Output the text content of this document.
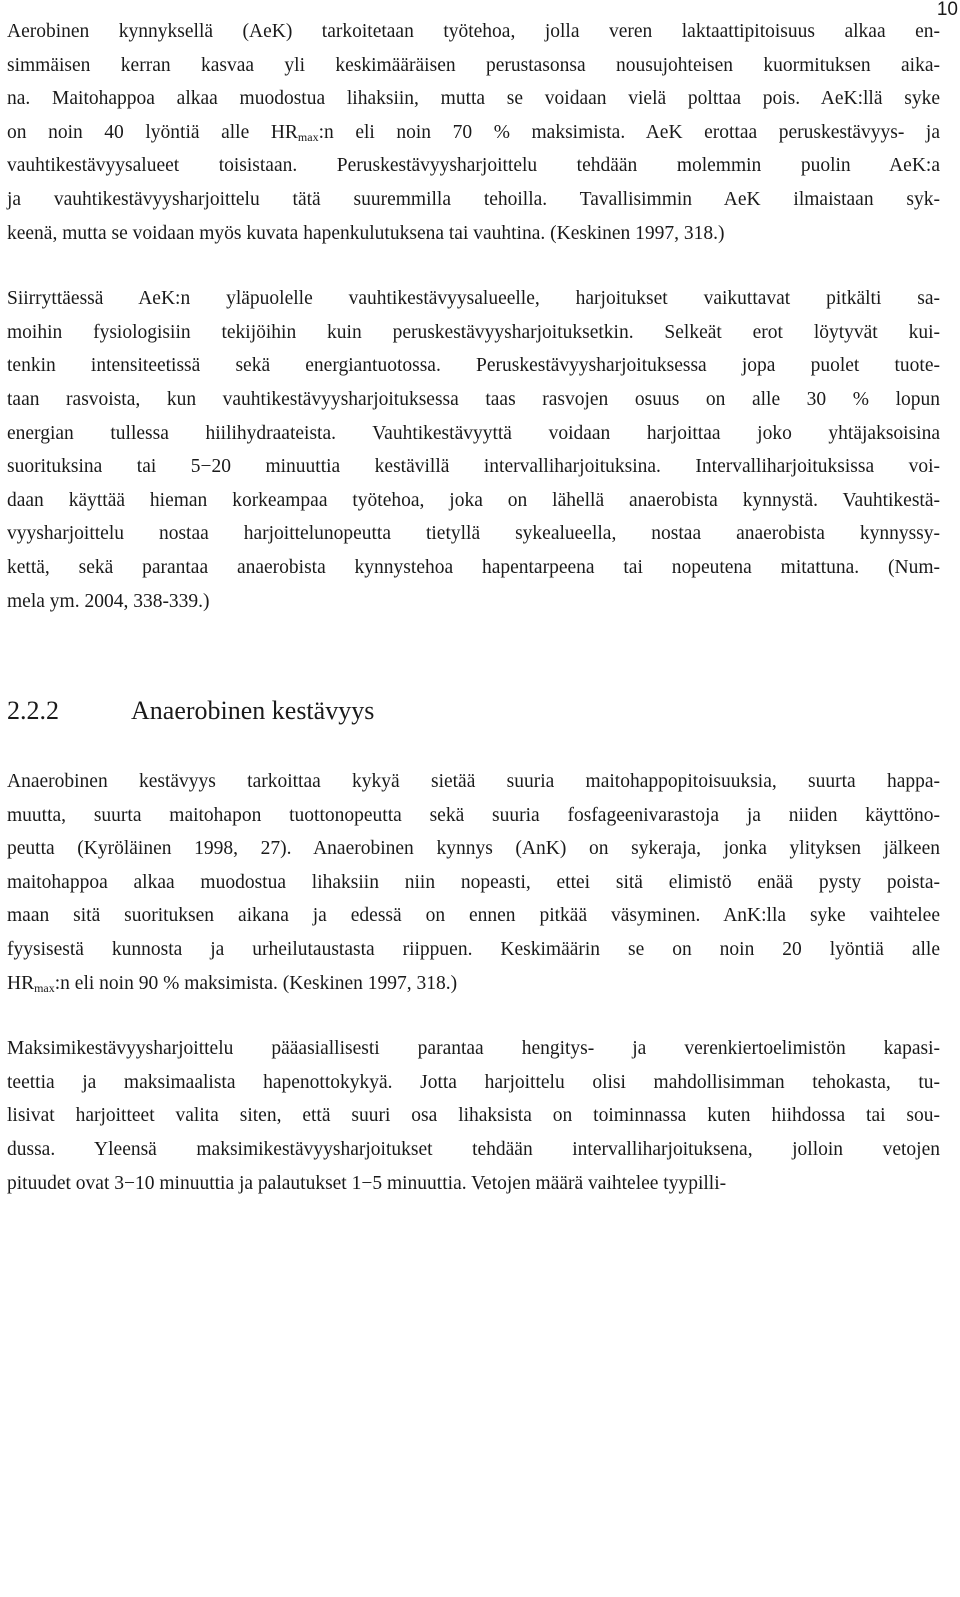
10

Aerobinen kynnyksellä (AeK) tarkoitetaan työtehoa, jolla veren laktaattipitoisuus alkaa en-
simmäisen kerran kasvaa yli keskimääräisen perustasonsa nousujohteisen kuormituksen aika-
na. Maitohappoa alkaa muodostua lihaksiin, mutta se voidaan vielä polttaa pois. AeK:llä syke
on noin 40 lyöntiä alle $HR_{max}:n$ eli noin 70 % maksimista. AeK erottaa peruskestävyys- ja
vauhtikestävyysalueet toisistaan. Peruskestävyysharjoittelu tehdään molemmin puolin AeK:a
ja vauhtikestävyysharjoittelu tätä suuremmilla tehoilla. Tavallisimmin AeK ilmaistaan syk-
keenä, mutta se voidaan myös kuvata hapenkulutuksena tai vauhtina. (Keskinen 1997, 318.)

Siirryttäessä AeK:n yläpuolelle vauhtikestävyysalueelle, harjoitukset vaikuttavat pitkälti sa-
moihin fysiologisiin tekijöihin kuin peruskestävyysharjoituksetkin. Selkeät erot löytyvät kui-
tenkin intensiteetissä sekä energiantuotossa. Peruskestävyysharjoituksessa jopa puolet tuote-
taan rasvoista, kun vauhtikestävyysharjoituksessa taas rasvojen osuus on alle 30 % lopun
energian tullessa hiilihydraateista. Vauhtikestävyyttä voidaan harjoittaa joko yhtäjaksoisina
suorituksina tai 5−20 minuuttia kestävillä intervalliharjoituksina. Intervalliharjoituksissa voi-
daan käyttää hieman korkeampaa työtehoa, joka on lähellä anaerobista kynnystä. Vauhtikestä-
vyysharjoittelu nostaa harjoittelunopeutta tietyllä sykealueella, nostaa anaerobista kynnyssy-
kettä, sekä parantaa anaerobista kynnystehoa hapentarpeena tai nopeutena mitattuna. (Num-
mela ym. 2004, 338-339.)

2.2.2	Anaerobinen kestävyys

Anaerobinen kestävyys tarkoittaa kykyä sietää suuria maitohappopitoisuuksia, suurta happa-
muutta, suurta maitohapon tuottonopeutta sekä suuria fosfageenivarastoja ja niiden käyttöno-
peutta (Kyröläinen 1998, 27). Anaerobinen kynnys (AnK) on sykeraja, jonka ylityksen jälkeen
maitohappoa alkaa muodostua lihaksiin niin nopeasti, ettei sitä elimistö enää pysty poista-
maan sitä suorituksen aikana ja edessä on ennen pitkää väsyminen. AnK:lla syke vaihtelee
fyysisestä kunnosta ja urheilutaustasta riippuen. Keskimäärin se on noin 20 lyöntiä alle
$HR_{max}:n$ eli noin 90 % maksimista. (Keskinen 1997, 318.)

Maksimikestävyysharjoittelu pääasiallisesti parantaa hengitys- ja verenkiertoelimistön kapasi-
teettia ja maksimaalista hapenottokykyä. Jotta harjoittelu olisi mahdollisimman tehokasta, tu-
lisivat harjoitteet valita siten, että suuri osa lihaksista on toiminnassa kuten hiihdossa tai sou-
dussa. Yleensä maksimikestävyysharjoitukset tehdään intervalliharjoituksena, jolloin vetojen
pituudet ovat 3−10 minuuttia ja palautukset 1−5 minuuttia. Vetojen määrä vaihtelee tyypilli-
